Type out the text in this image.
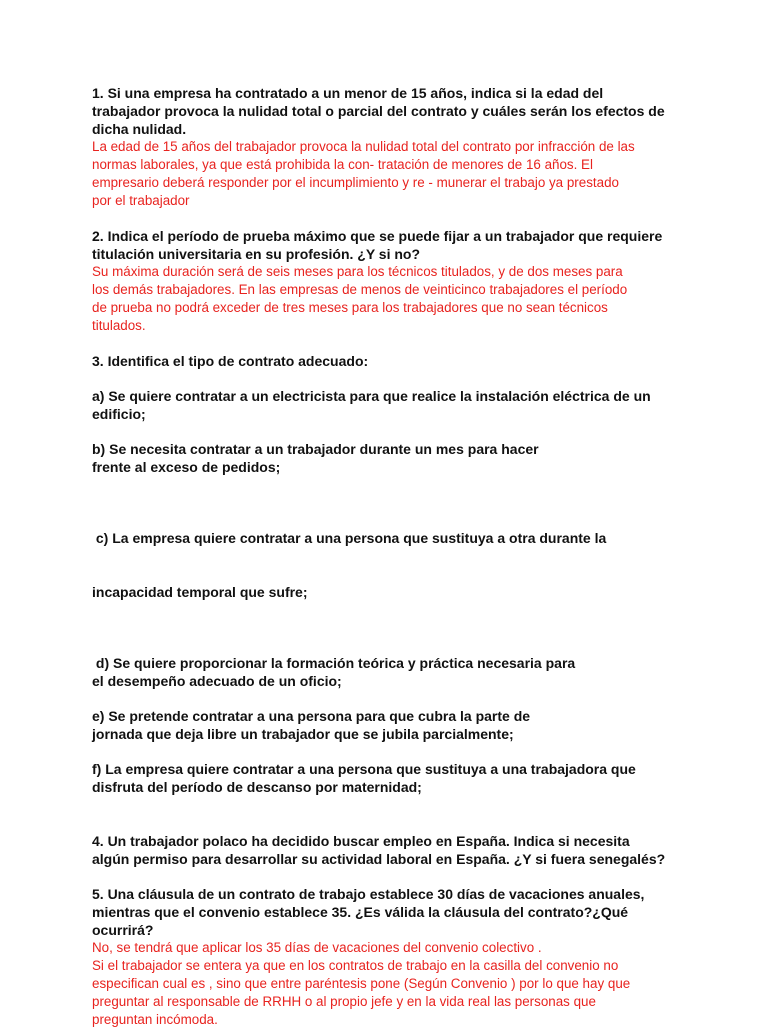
1. Si una empresa ha contratado a un menor de 15 años, indica si la edad del
trabajador provoca la nulidad total o parcial del contrato y cuáles serán los efectos de
dicha nulidad.
La edad de 15 años del trabajador provoca la nulidad total del contrato por infracción de las
normas laborales, ya que está prohibida la con- tratación de menores de 16 años. El
empresario deberá responder por el incumplimiento y re - munerar el trabajo ya prestado
por el trabajador
2. Indica el período de prueba máximo que se puede fijar a un trabajador que requiere
titulación universitaria en su profesión. ¿Y si no?
Su máxima duración será de seis meses para los técnicos titulados, y de dos meses para
los demás trabajadores. En las empresas de menos de veinticinco trabajadores el período
de prueba no podrá exceder de tres meses para los trabajadores que no sean técnicos
titulados.
3. Identifica el tipo de contrato adecuado:
a) Se quiere contratar a un electricista para que realice la instalación eléctrica de un
edificio;
b) Se necesita contratar a un trabajador durante un mes para hacer
frente al exceso de pedidos;

c) La empresa quiere contratar a una persona que sustituya a otra durante la

incapacidad temporal que sufre;

d) Se quiere proporcionar la formación teórica y práctica necesaria para
el desempeño adecuado de un oficio;
e) Se pretende contratar a una persona para que cubra la parte de
jornada que deja libre un trabajador que se jubila parcialmente;
f) La empresa quiere contratar a una persona que sustituya a una trabajadora que
disfruta del período de descanso por maternidad;
4. Un trabajador polaco ha decidido buscar empleo en España. Indica si necesita
algún permiso para desarrollar su actividad laboral en España. ¿Y si fuera senegalés?
5. Una cláusula de un contrato de trabajo establece 30 días de vacaciones anuales,
mientras que el convenio establece 35. ¿Es válida la cláusula del contrato?¿Qué
ocurrirá?
No, se tendrá que aplicar los 35 días de vacaciones del convenio colectivo .
Si el trabajador se entera ya que en los contratos de trabajo en la casilla del convenio no
especifican cual es , sino que entre paréntesis pone (Según Convenio ) por lo que hay que
preguntar al responsable de RRHH o al propio jefe y en la vida real las personas que
preguntan incómoda.
